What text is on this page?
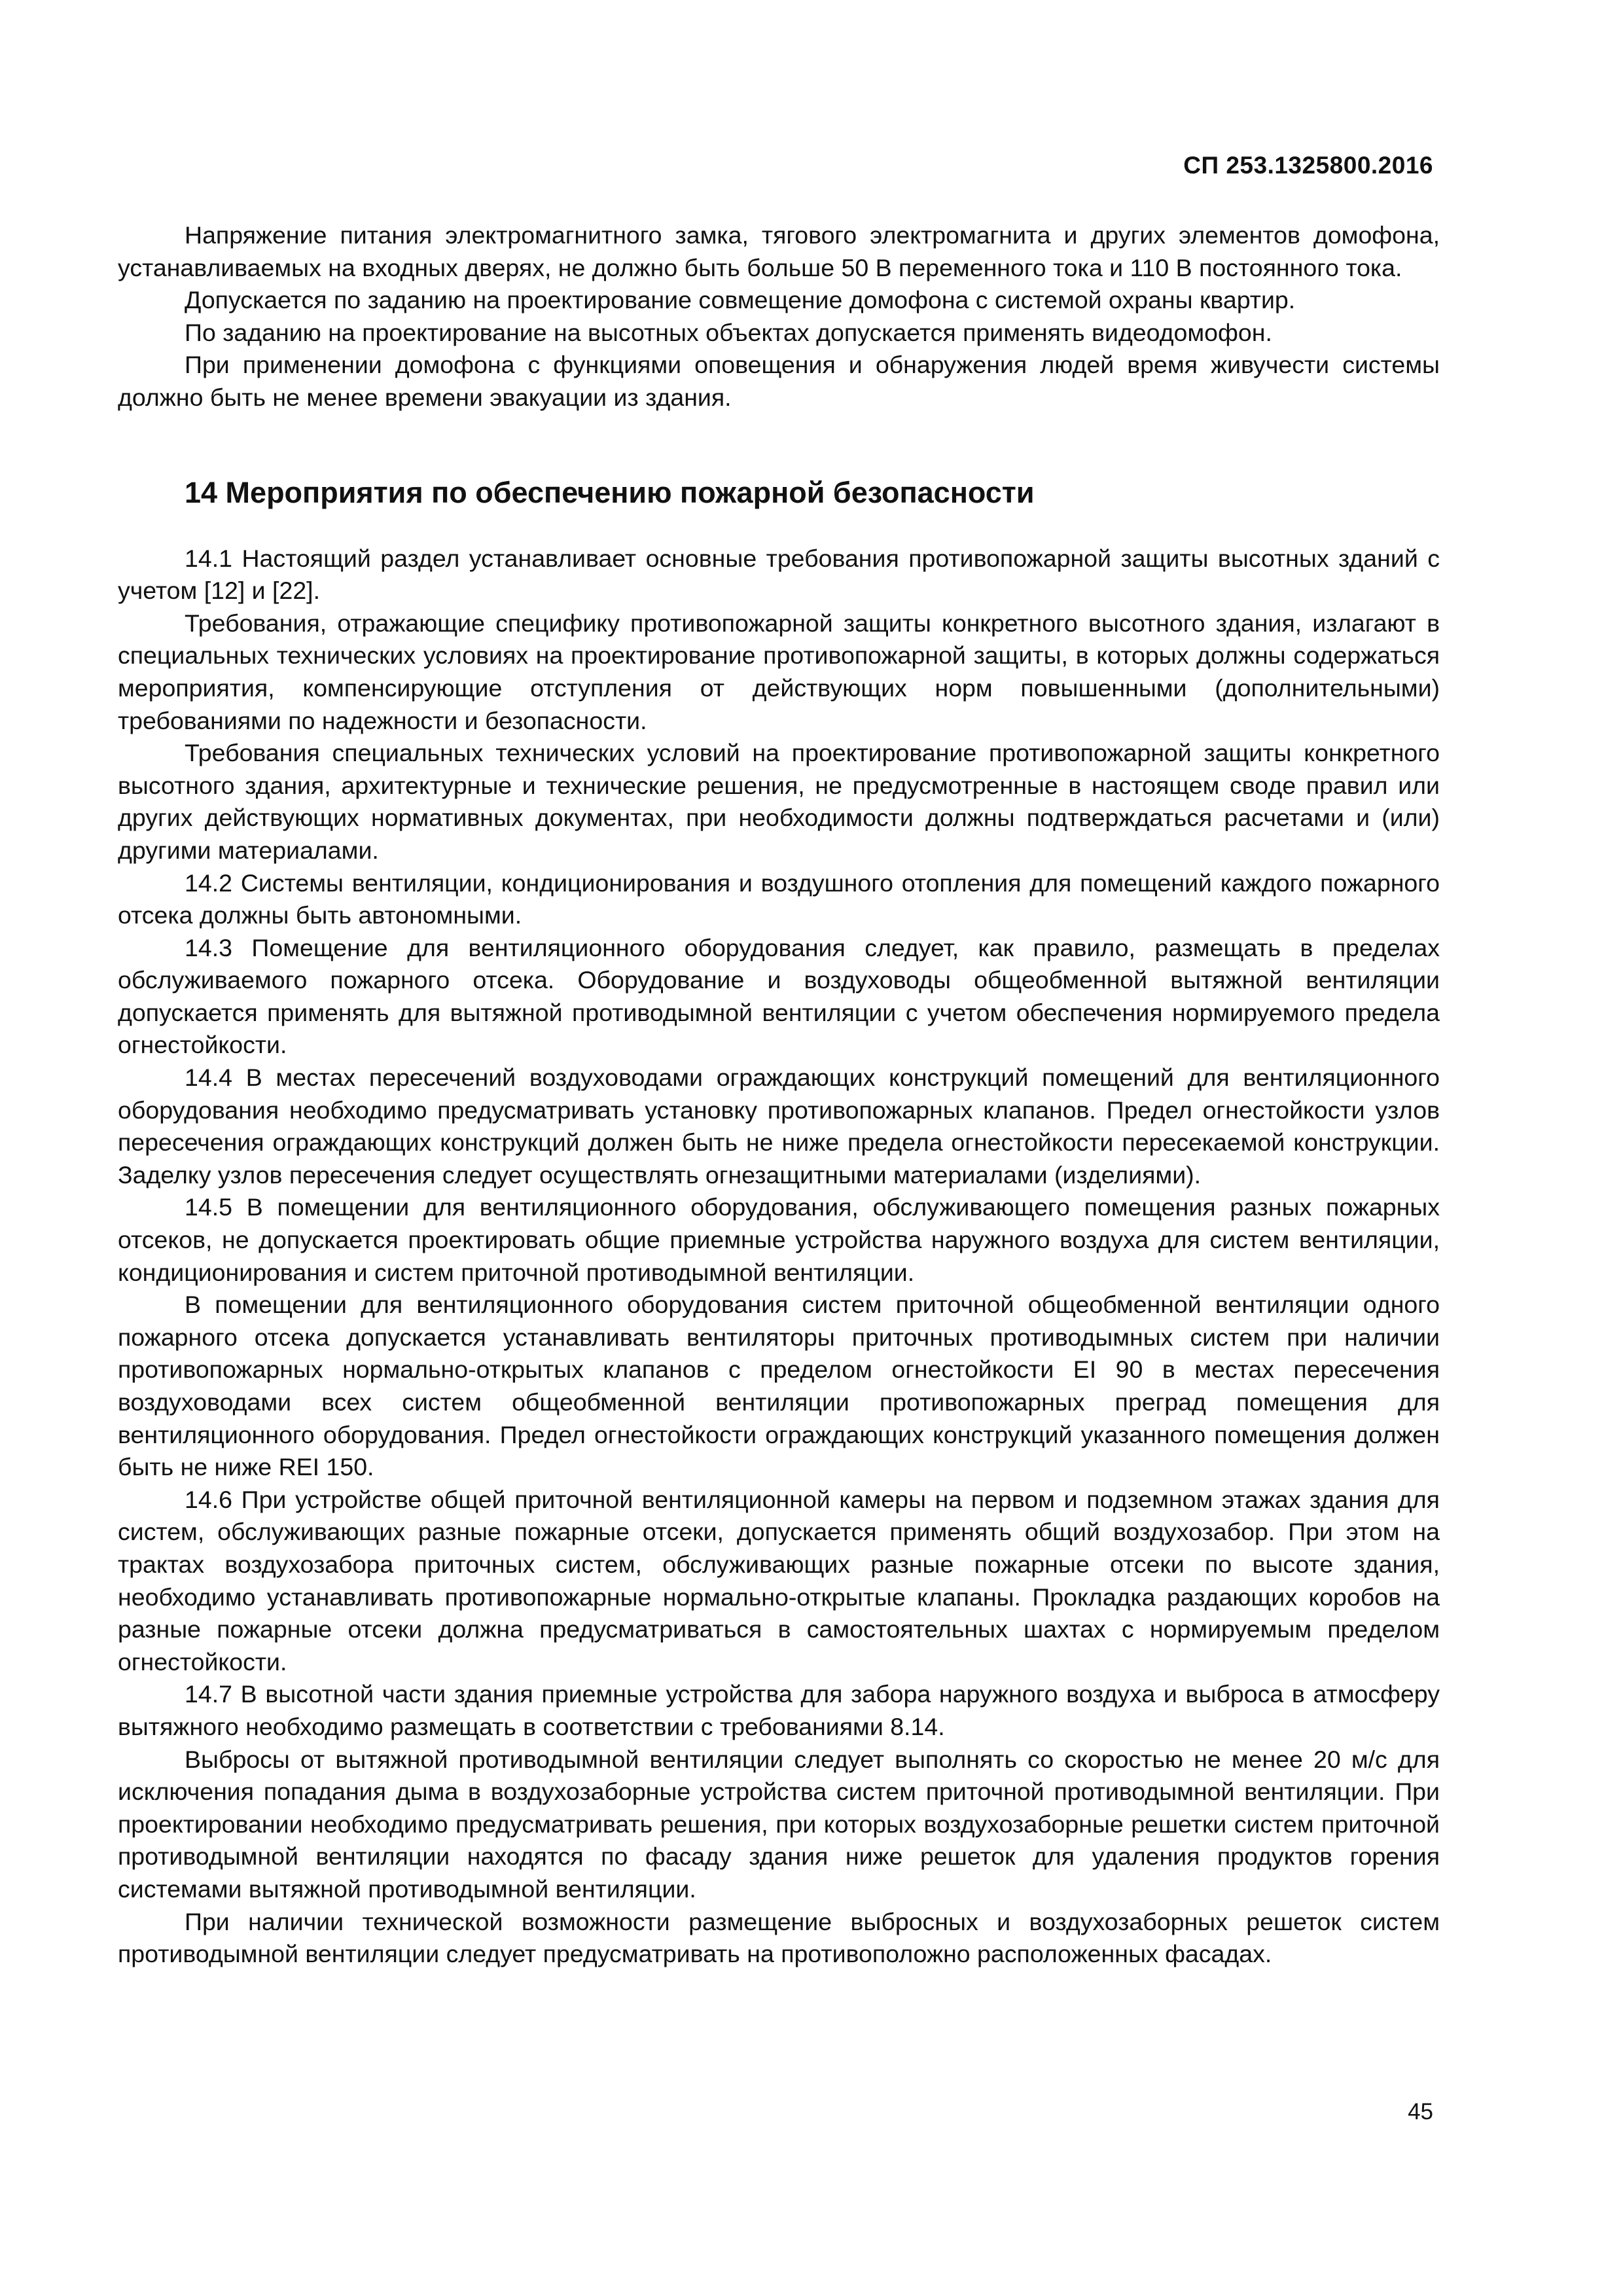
СП 253.1325800.2016

Напряжение питания электромагнитного замка, тягового электромагнита и других элементов домофона, устанавливаемых на входных дверях, не должно быть больше 50 В переменного тока и 110 В постоянного тока.

Допускается по заданию на проектирование совмещение домофона с системой охраны квартир.

По заданию на проектирование на высотных объектах допускается применять видеодомофон.

При применении домофона с функциями оповещения и обнаружения людей время живучести системы должно быть не менее времени эвакуации из здания.

14 Мероприятия по обеспечению пожарной безопасности

14.1 Настоящий раздел устанавливает основные требования противопожарной защиты высотных зданий с учетом [12] и [22].

Требования, отражающие специфику противопожарной защиты конкретного высотного здания, излагают в специальных технических условиях на проектирование противопожарной защиты, в которых должны содержаться мероприятия, компенсирующие отступления от действующих норм повышенными (дополнительными) требованиями по надежности и безопасности.

Требования специальных технических условий на проектирование противопожарной защиты конкретного высотного здания, архитектурные и технические решения, не предусмотренные в настоящем своде правил или других действующих нормативных документах, при необходимости должны подтверждаться расчетами и (или) другими материалами.

14.2 Системы вентиляции, кондиционирования и воздушного отопления для помещений каждого пожарного отсека должны быть автономными.

14.3 Помещение для вентиляционного оборудования следует, как правило, размещать в пределах обслуживаемого пожарного отсека. Оборудование и воздуховоды общеобменной вытяжной вентиляции допускается применять для вытяжной противодымной вентиляции с учетом обеспечения нормируемого предела огнестойкости.

14.4 В местах пересечений воздуховодами ограждающих конструкций помещений для вентиляционного оборудования необходимо предусматривать установку противопожарных клапанов. Предел огнестойкости узлов пересечения ограждающих конструкций должен быть не ниже предела огнестойкости пересекаемой конструкции. Заделку узлов пересечения следует осуществлять огнезащитными материалами (изделиями).

14.5 В помещении для вентиляционного оборудования, обслуживающего помещения разных пожарных отсеков, не допускается проектировать общие приемные устройства наружного воздуха для систем вентиляции, кондиционирования и систем приточной противодымной вентиляции.

В помещении для вентиляционного оборудования систем приточной общеобменной вентиляции одного пожарного отсека допускается устанавливать вентиляторы приточных противодымных систем при наличии противопожарных нормально-открытых клапанов с пределом огнестойкости EI 90 в местах пересечения воздуховодами всех систем общеобменной вентиляции противопожарных преград помещения для вентиляционного оборудования. Предел огнестойкости ограждающих конструкций указанного помещения должен быть не ниже REI 150.

14.6 При устройстве общей приточной вентиляционной камеры на первом и подземном этажах здания для систем, обслуживающих разные пожарные отсеки, допускается применять общий воздухозабор. При этом на трактах воздухозабора приточных систем, обслуживающих разные пожарные отсеки по высоте здания, необходимо устанавливать противопожарные нормально-открытые клапаны. Прокладка раздающих коробов на разные пожарные отсеки должна предусматриваться в самостоятельных шахтах с нормируемым пределом огнестойкости.

14.7 В высотной части здания приемные устройства для забора наружного воздуха и выброса в атмосферу вытяжного необходимо размещать в соответствии с требованиями 8.14.

Выбросы от вытяжной противодымной вентиляции следует выполнять со скоростью не менее 20 м/с для исключения попадания дыма в воздухозаборные устройства систем приточной противодымной вентиляции. При проектировании необходимо предусматривать решения, при которых воздухозаборные решетки систем приточной противодымной вентиляции находятся по фасаду здания ниже решеток для удаления продуктов горения системами вытяжной противодымной вентиляции.

При наличии технической возможности размещение выбросных и воздухозаборных решеток систем противодымной вентиляции следует предусматривать на противоположно расположенных фасадах.

45
